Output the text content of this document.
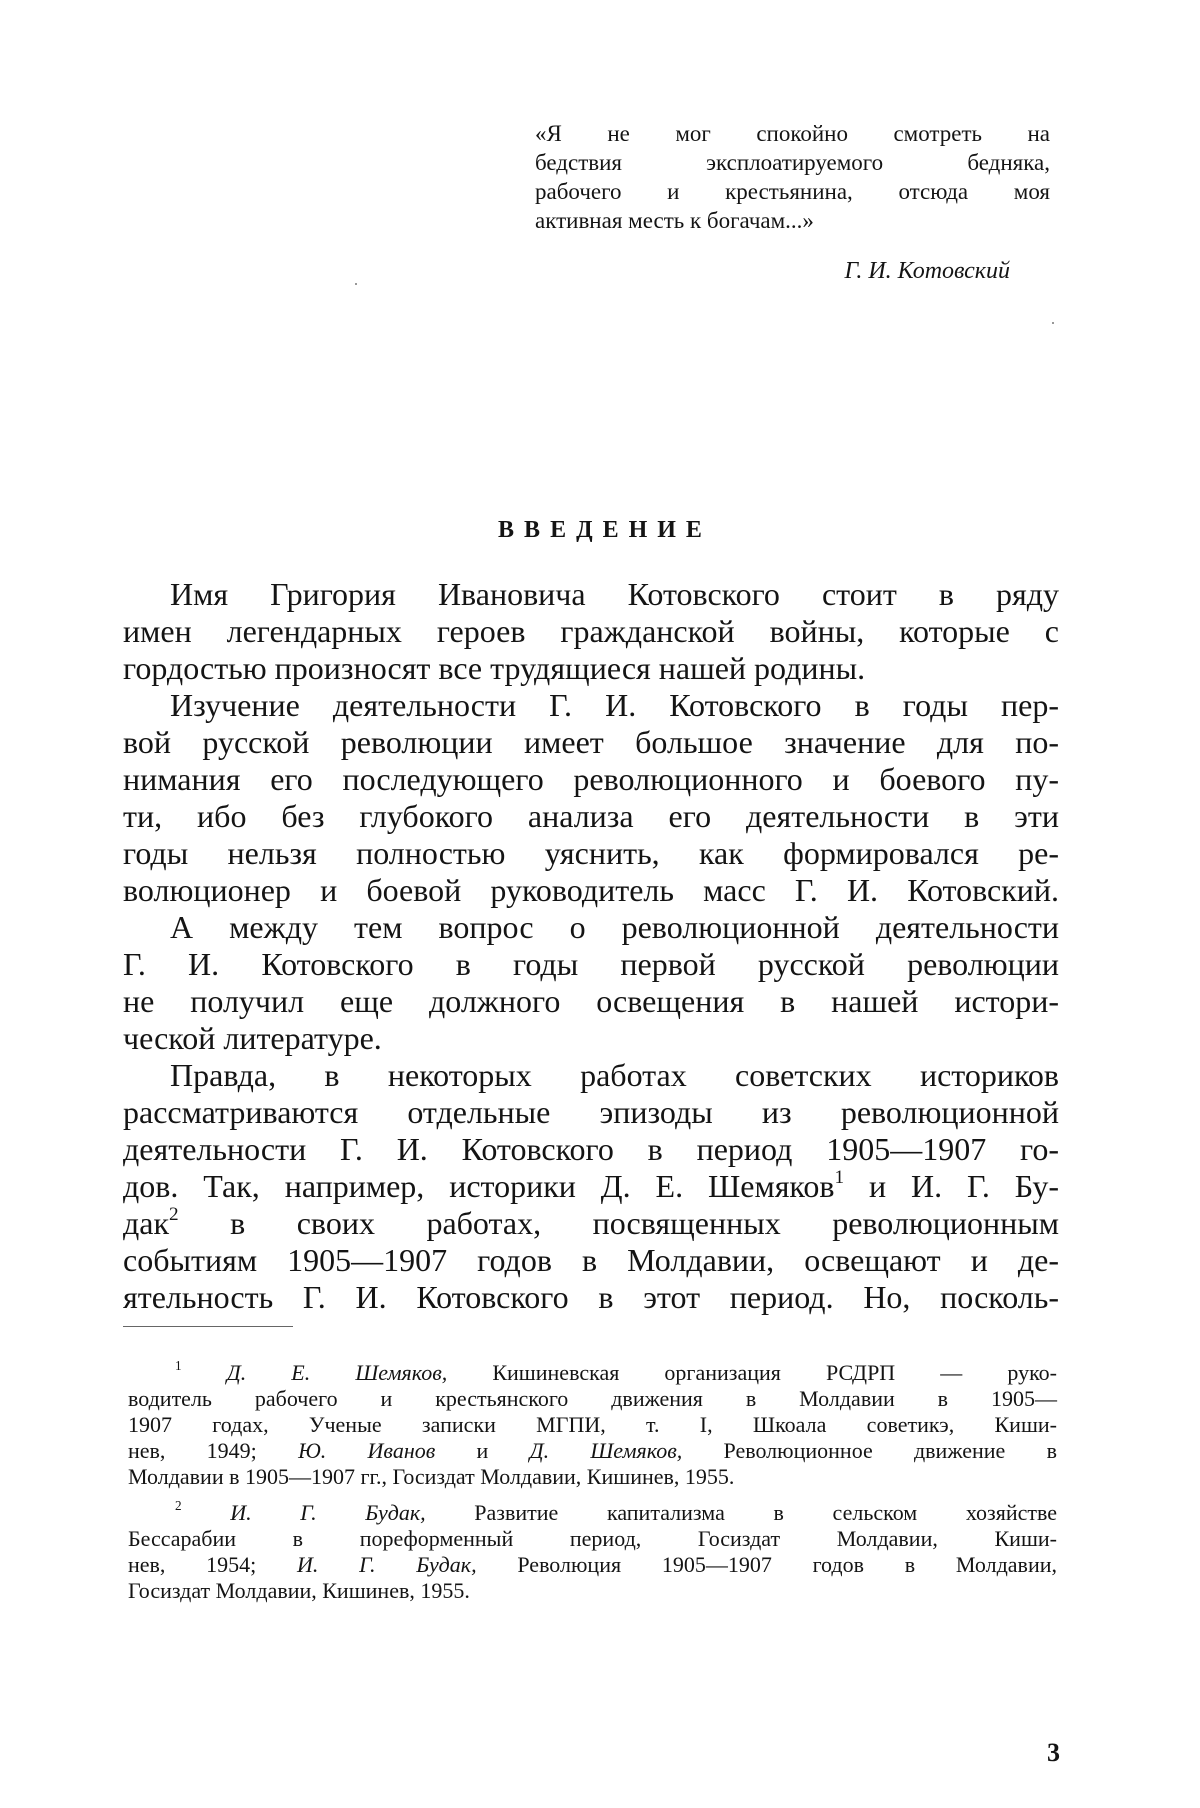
«Я не мог спокойно смотреть на
бедствия эксплоатируемого бедняка,
рабочего и крестьянина, отсюда моя
активная месть к богачам...»
Г. И. Котовский
ВВЕДЕНИЕ
Имя Григория Ивановича Котовского стоит в ряду
имен легендарных героев гражданской войны, которые с
гордостью произносят все трудящиеся нашей родины.
Изучение деятельности Г. И. Котовского в годы пер-
вой русской революции имеет большое значение для по-
нимания его последующего революционного и боевого пу-
ти, ибо без глубокого анализа его деятельности в эти
годы нельзя полностью уяснить, как формировался ре-
волюционер и боевой руководитель масс Г. И. Котовский.
А между тем вопрос о революционной деятельности
Г. И. Котовского в годы первой русской революции
не получил еще должного освещения в нашей истори-
ческой литературе.
Правда, в некоторых работах советских историков
рассматриваются отдельные эпизоды из революционной
деятельности Г. И. Котовского в период 1905—1907 го-
дов. Так, например, историки Д. Е. Шемяков$^1$ и И. Г. Бу-
дак$^2$ в своих работах, посвященных революционным
событиям 1905—1907 годов в Молдавии, освещают и де-
ятельность Г. И. Котовского в этот период. Но, посколь-
$^1$ Д. Е. Шемяков, Кишиневская организация РСДРП — руко-
водитель рабочего и крестьянского движения в Молдавии в 1905—
1907 годах, Ученые записки МГПИ, т. I, Шкоала советикэ, Киши-
нев, 1949; Ю. Иванов и Д. Шемяков, Революционное движение в
Молдавии в 1905—1907 гг., Госиздат Молдавии, Кишинев, 1955.
$^2$ И. Г. Будак, Развитие капитализма в сельском хозяйстве
Бессарабии в пореформенный период, Госиздат Молдавии, Киши-
нев, 1954; И. Г. Будак, Революция 1905—1907 годов в Молдавии,
Госиздат Молдавии, Кишинев, 1955.
3
